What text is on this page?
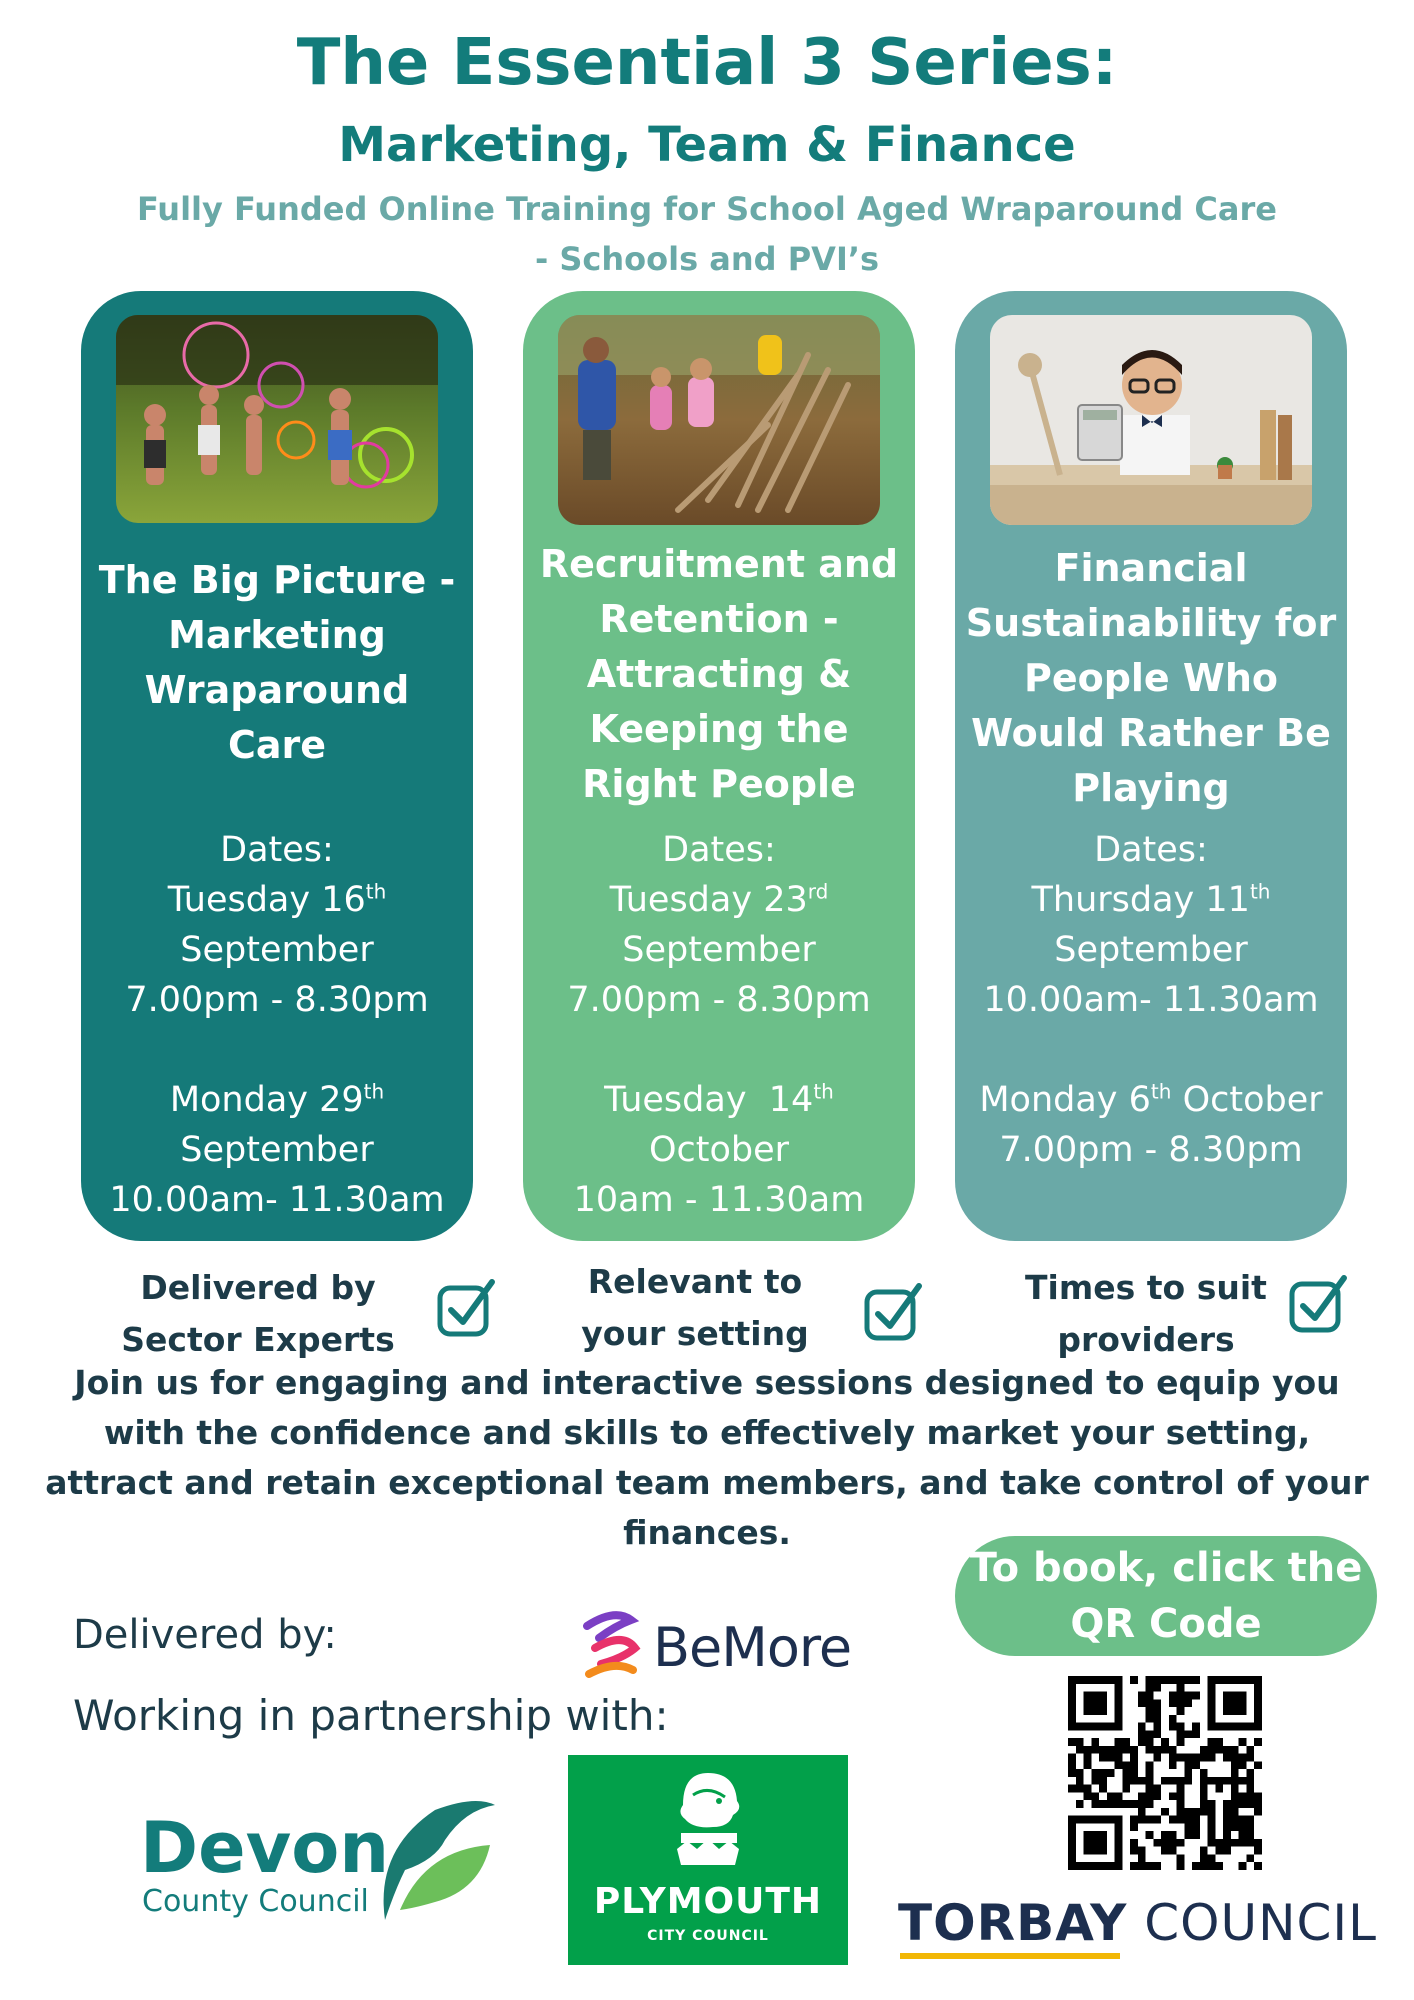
The Essential 3 Series:
Marketing, Team & Finance
Fully Funded Online Training for School Aged Wraparound Care
- Schools and PVI’s
The Big Picture - Marketing Wraparound Care
Dates:
Tuesday 16th
September
7.00pm - 8.30pm
Monday 29th
September
10.00am- 11.30am
Recruitment and Retention - Attracting & Keeping the Right People
Dates:
Tuesday 23rd
September
7.00pm - 8.30pm
Tuesday  14th
October
10am - 11.30am
Financial Sustainability for People Who Would Rather Be Playing
Dates:
Thursday 11th
September
10.00am- 11.30am
Monday 6th October
7.00pm - 8.30pm
Delivered by Sector Experts
Relevant to your setting
Times to suit providers
Join us for engaging and interactive sessions designed to equip you with the confidence and skills to effectively market your setting, attract and retain exceptional team members, and take control of your finances.
To book, click the
QR Code
Delivered by:
Working in partnership with:
BeMore
Devon
County Council	PLYMOUTH
CITY COUNCIL	TORBAY COUNCIL
